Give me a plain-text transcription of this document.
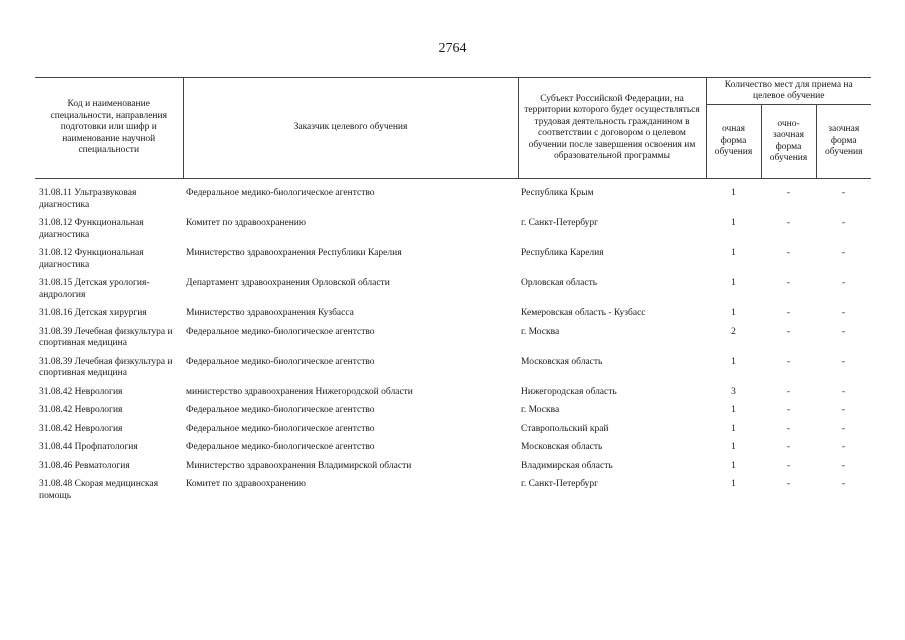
2764
Код и наименование специальности, направления подготовки или шифр и наименование научной специальности	Заказчик целевого обучения	Субъект Российской Федерации, на территории которого будет осуществляться трудовая деятельность гражданином в соответствии с договором о целевом обучении после завершения освоения им образовательной программы	Количество мест для приема на целевое обучение		
			очная форма обучения	очно-заочная форма обучения	заочная форма обучения

31.08.11 Ультразвуковая диагностика	Федеральное медико-биологическое агентство	Республика Крым	1	-	-
31.08.12 Функциональная диагностика	Комитет по здравоохранению	г. Санкт-Петербург	1	-	-
31.08.12 Функциональная диагностика	Министерство здравоохранения Республики Карелия	Республика Карелия	1	-	-
31.08.15 Детская урология-андрология	Департамент здравоохранения Орловской области	Орловская область	1	-	-
31.08.16 Детская хирургия	Министерство здравоохранения Кузбасса	Кемеровская область - Кузбасс	1	-	-
31.08.39 Лечебная физкультура и спортивная медицина	Федеральное медико-биологическое агентство	г. Москва	2	-	-
31.08.39 Лечебная физкультура и спортивная медицина	Федеральное медико-биологическое агентство	Московская область	1	-	-
31.08.42 Неврология	министерство здравоохранения Нижегородской области	Нижегородская область	3	-	-
31.08.42 Неврология	Федеральное медико-биологическое агентство	г. Москва	1	-	-
31.08.42 Неврология	Федеральное медико-биологическое агентство	Ставропольский край	1	-	-
31.08.44 Профпатология	Федеральное медико-биологическое агентство	Московская область	1	-	-
31.08.46 Ревматология	Министерство здравоохранения Владимирской области	Владимирская область	1	-	-
31.08.48 Скорая медицинская помощь	Комитет по здравоохранению	г. Санкт-Петербург	1	-	-
